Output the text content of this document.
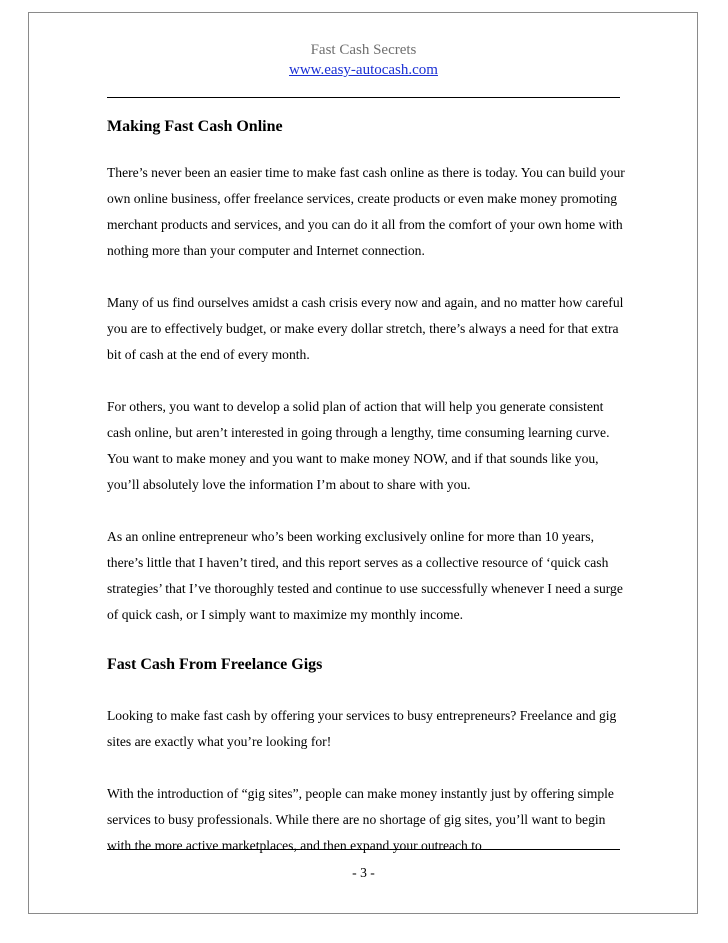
Fast Cash Secrets
www.easy-autocash.com
Making Fast Cash Online

There’s never been an easier time to make fast cash online as there is today. You can build your own online business, offer freelance services, create products or even make money promoting merchant products and services, and you can do it all from the comfort of your own home with nothing more than your computer and Internet connection.

Many of us find ourselves amidst a cash crisis every now and again, and no matter how careful you are to effectively budget, or make every dollar stretch, there’s always a need for that extra bit of cash at the end of every month.

For others, you want to develop a solid plan of action that will help you generate consistent cash online, but aren’t interested in going through a lengthy, time consuming learning curve. You want to make money and you want to make money NOW, and if that sounds like you, you’ll absolutely love the information I’m about to share with you.

As an online entrepreneur who’s been working exclusively online for more than 10 years, there’s little that I haven’t tired, and this report serves as a collective resource of ‘quick cash strategies’ that I’ve thoroughly tested and continue to use successfully whenever I need a surge of quick cash, or I simply want to maximize my monthly income.

Fast Cash From Freelance Gigs

Looking to make fast cash by offering your services to busy entrepreneurs? Freelance and gig sites are exactly what you’re looking for!

With the introduction of “gig sites”, people can make money instantly just by offering simple services to busy professionals. While there are no shortage of gig sites, you’ll want to begin with the more active marketplaces, and then expand your outreach to

- 3 -
